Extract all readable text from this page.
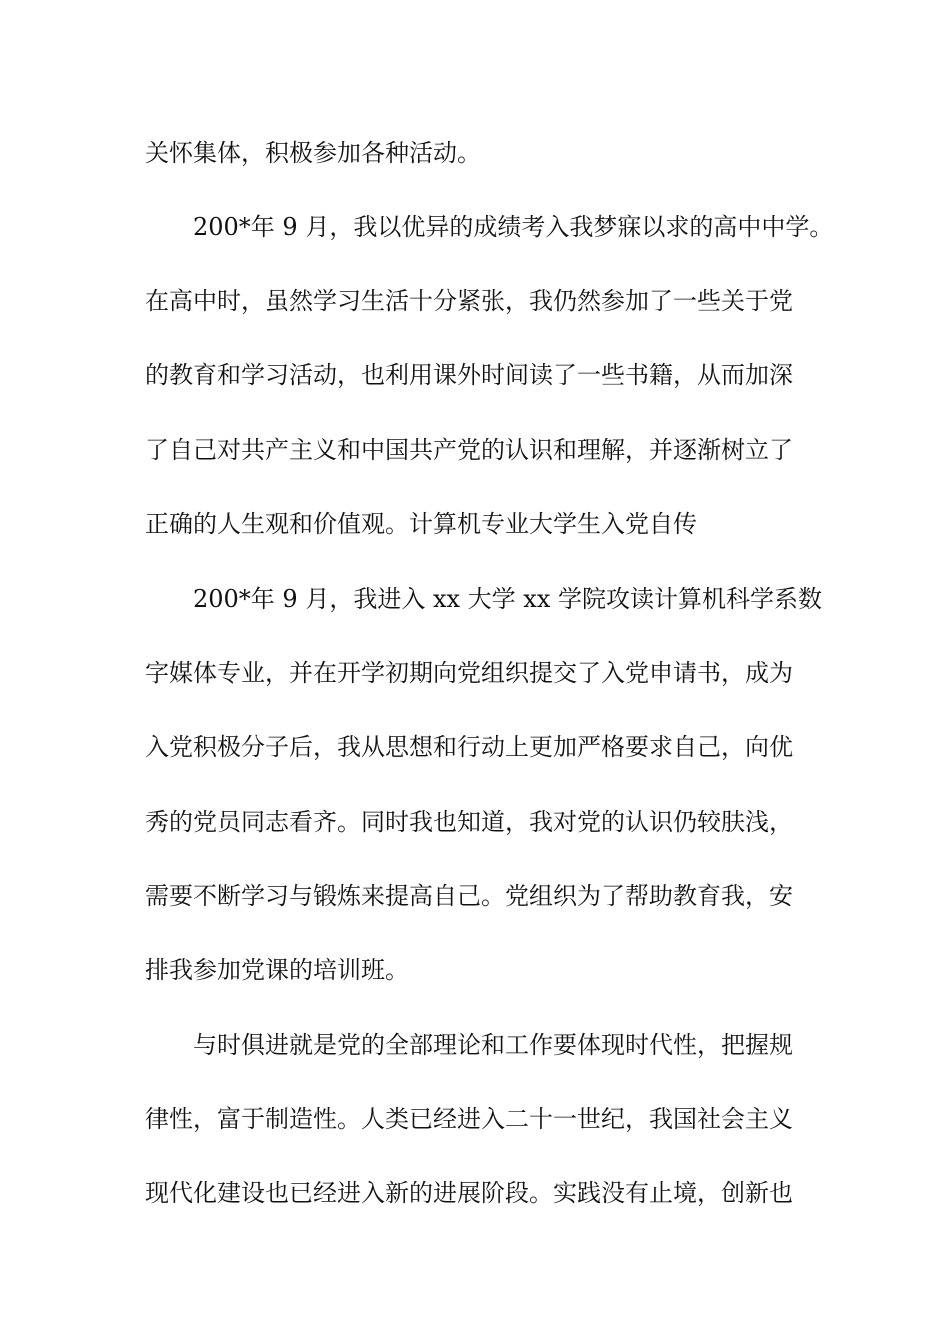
关怀集体，积极参加各种活动。
200*年 9 月，我以优异的成绩考入我梦寐以求的高中中学。
在高中时，虽然学习生活十分紧张，我仍然参加了一些关于党
的教育和学习活动，也利用课外时间读了一些书籍，从而加深
了自己对共产主义和中国共产党的认识和理解，并逐渐树立了
正确的人生观和价值观。计算机专业大学生入党自传
200*年 9 月，我进入 xx 大学 xx 学院攻读计算机科学系数
字媒体专业，并在开学初期向党组织提交了入党申请书，成为
入党积极分子后，我从思想和行动上更加严格要求自己，向优
秀的党员同志看齐。同时我也知道，我对党的认识仍较肤浅，
需要不断学习与锻炼来提高自己。党组织为了帮助教育我，安
排我参加党课的培训班。
与时俱进就是党的全部理论和工作要体现时代性，把握规
律性，富于制造性。人类已经进入二十一世纪，我国社会主义
现代化建设也已经进入新的进展阶段。实践没有止境，创新也
